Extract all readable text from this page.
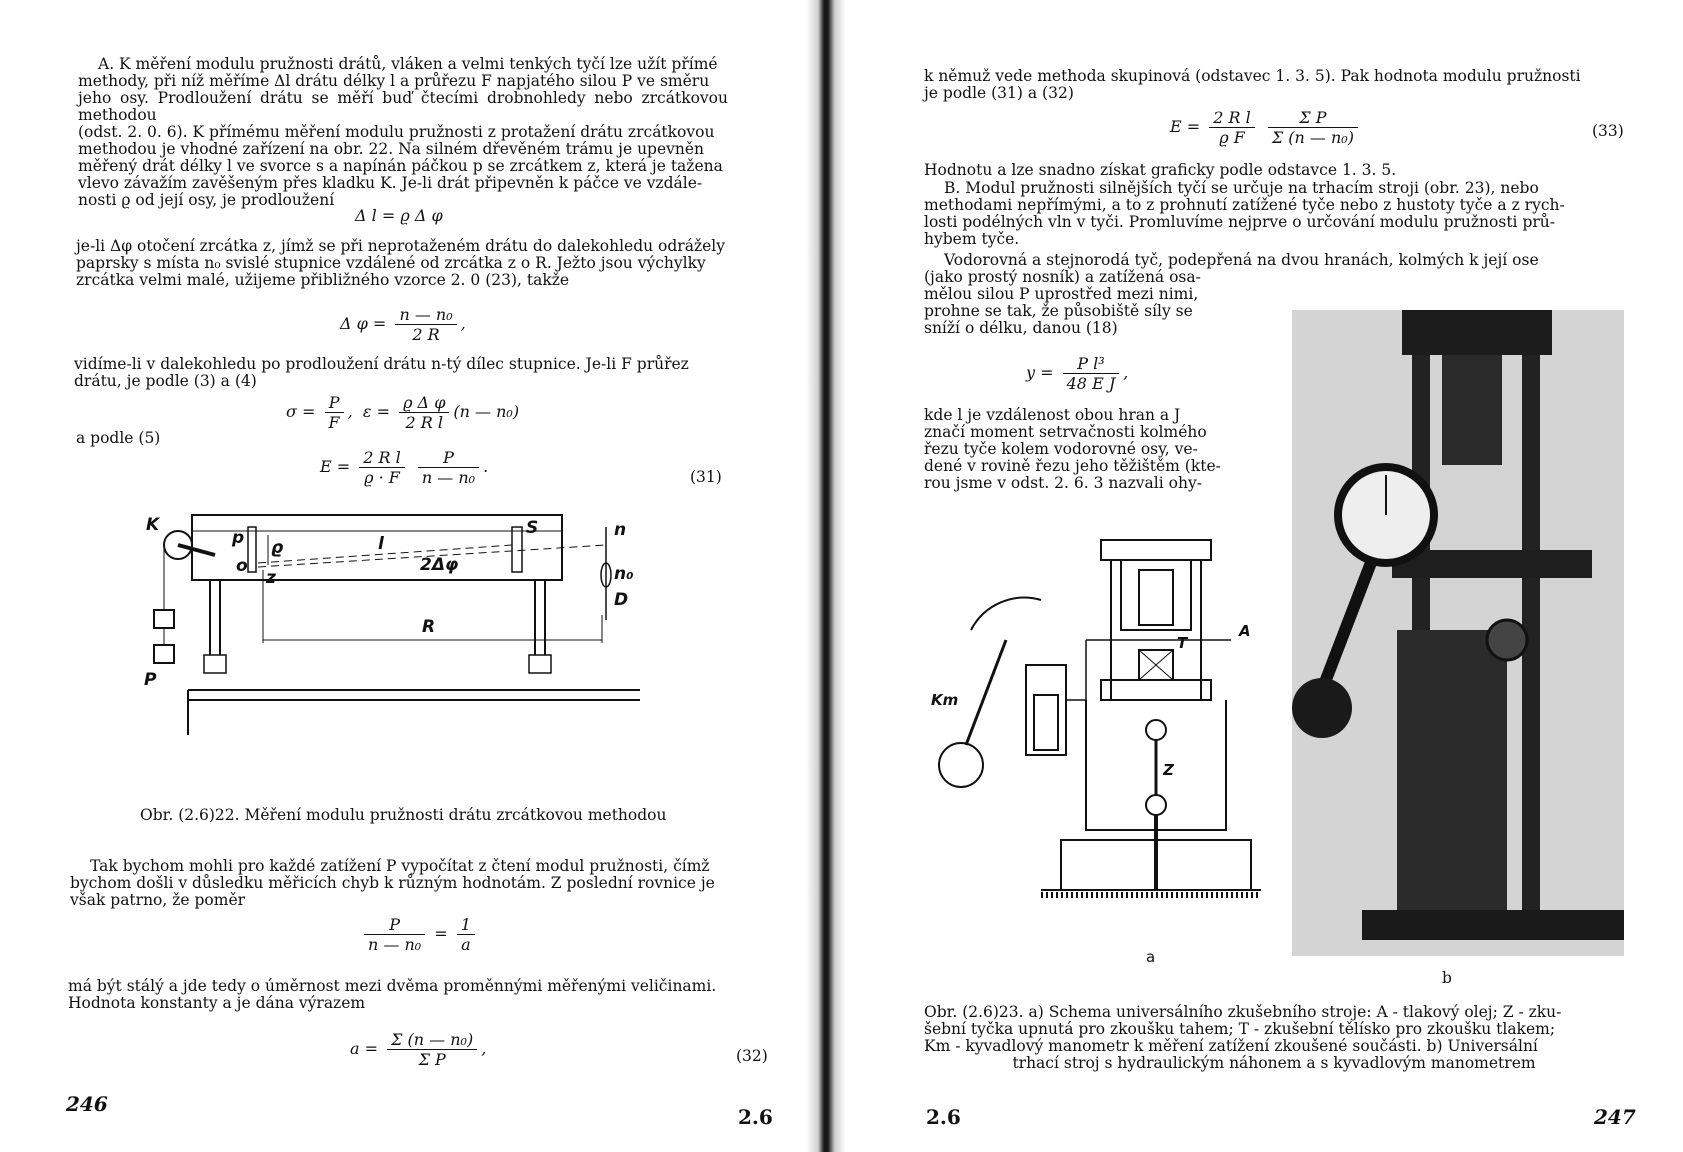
A. K měření modulu pružnosti drátů, vláken a velmi tenkých tyčí lze užít přímé

methody, při níž měříme Δl drátu délky l a průřezu F napjatého silou P ve směru

jeho osy. Prodloužení drátu se měří buď čtecími drobnohledy nebo zrcátkovou methodou

(odst. 2. 0. 6). K přímému měření modulu pružnosti z protažení drátu zrcátkovou

methodou je vhodné zařízení na obr. 22. Na silném dřevěném trámu je upevněn

měřený drát délky l ve svorce s a napínán páčkou p se zrcátkem z, která je tažena

vlevo závažím zavěšeným přes kladku K. Je-li drát připevněn k páčce ve vzdále-

nosti ϱ od její osy, je prodloužení

Δ l = ϱ Δ φ

je-li Δφ otočení zrcátka z, jímž se při neprotaženém drátu do dalekohledu odrážely

paprsky s místa n₀ svislé stupnice vzdálené od zrcátka z o R. Ježto jsou výchylky

zrcátka velmi malé, užijeme přibližného vzorce 2. 0 (23), takže

Δ $\varphi = \frac{\text{n — n₀}}{2 R}$ ,

vidíme-li v dalekohledu po prodloužení drátu n-tý dílec stupnice. Je-li F průřez

drátu, je podle (3) a (4)

$\sigma = \frac{P}{F}$ , $\varepsilon = \frac{\text{ϱ Δ φ}}{\text{2 R l}} (n$ — n₀)
a podle (5)
$E = \frac{\text{2 R l}}{ϱ \cdot F}$
$\frac{P}{\text{n — n₀}}$ .
(31)
K
p ϱ
o
z
l
S
2Δφ
n
n₀
D
R
P
Obr. (2.6)22. Měření modulu pružnosti drátu zrcátkovou methodou

Tak bychom mohli pro každé zatížení P vypočítat z čtení modul pružnosti, čímž

bychom došli v důsledku měřicích chyb k různým hodnotám. Z poslední rovnice je

však patrno, že poměr

$\frac{P}{\text{n — n₀}} = \frac{1}{a}$

má být stálý a jde tedy o úměrnost mezi dvěma proměnnými měřenými veličinami.

Hodnota konstanty a je dána výrazem

$a = \frac{\text{Σ (n — n₀)}}{\text{Σ P}}$ ,	(32)
246
2.6

k němuž vede methoda skupinová (odstavec 1. 3. 5). Pak hodnota modulu pružnosti

je podle (31) a (32)

$E = \frac{\text{2 R l}}{\text{ϱ F}}$
$\frac{\text{Σ P}}{\text{Σ (n — n₀)}}$	(33)
Hodnotu a lze snadno získat graficky podle odstavce 1. 3. 5.

B. Modul pružnosti silnějších tyčí se určuje na trhacím stroji (obr. 23), nebo

methodami nepřímými, a to z prohnutí zatížené tyče nebo z hustoty tyče a z rych-

losti podélných vln v tyči. Promluvíme nejprve o určování modulu pružnosti prů-

hybem tyče.

Vodorovná a stejnorodá tyč, podepřená na dvou hranách, kolmých k její ose

(jako prostý nosník) a zatížená osa-

mělou silou P uprostřed mezi nimi,

prohne se tak, že působiště síly se

sníží o délku, danou (18)

$y = \frac{\text{P l³}}{\text{48 E J}}$ ,

kde l je vzdálenost obou hran a J

značí moment setrvačnosti kolmého

řezu tyče kolem vodorovné osy, ve-

dené v rovině řezu jeho těžištěm (kte-

rou jsme v odst. 2. 6. 3 nazvali ohy-

A
T
Z
Km
a
b

Obr. (2.6)23. a) Schema universálního zkušebního stroje: A - tlakový olej; Z - zku-

šební tyčka upnutá pro zkoušku tahem; T - zkušební tělísko pro zkoušku tlakem;

Km - kyvadlový manometr k měření zatížení zkoušené součásti. b) Universální

trhací stroj s hydraulickým náhonem a s kyvadlovým manometrem

2.6	247
